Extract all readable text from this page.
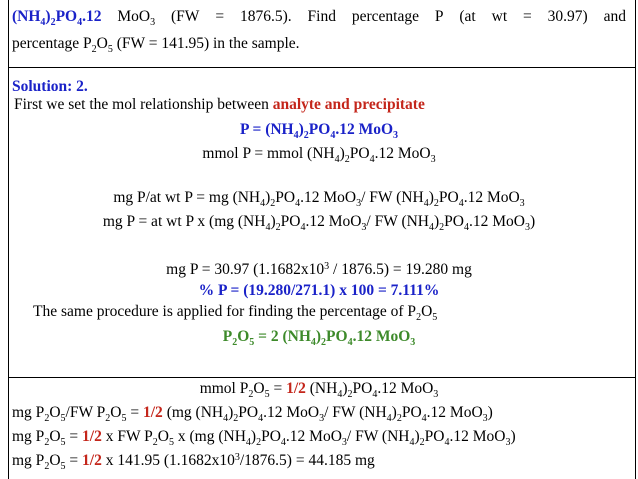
$(NH_4)_2PO_4.12$ MoO$_3$ (FW = 1876.5). Find percentage P (at wt = 30.97) and
percentage $P_2O_5$ (FW = 141.95) in the sample.
Solution: 2.
First we set the mol relationship between analyte and precipitate
$P = (NH_4)_2PO_4.12$ MoO$_3$
mmol P = mmol $(NH_4)_2PO_4.12$ MoO$_3$
mg P/at wt P = mg $(NH_4)_2PO_4.12$ MoO$_3$/ FW $(NH_4)_2PO_4.12$ MoO$_3$
mg P = at wt P x (mg $(NH_4)_2PO_4.12$ MoO$_3$/ FW $(NH_4)_2PO_4.12$ MoO$_3$)
mg P = 30.97 $(1.1682x10^3 / 1876.5) = 19.280$ mg
% P = (19.280/271.1) x 100 = 7.111%
The same procedure is applied for finding the percentage of $P_2O_5$
$P_2O_5 = 2$ $(NH_4)_2PO_4.12$ MoO$_3$
mmol $P_2O_5 = 1/2$ $(NH_4)_2PO_4.12$ MoO$_3$
mg $P_2O_5/FW$ $P_2O_5 = 1/2$ (mg $(NH_4)_2PO_4.12$ MoO$_3$/ FW $(NH_4)_2PO_4.12$ MoO$_3$)
mg $P_2O_5 = 1/2$ x FW $P_2O_5$ x (mg $(NH_4)_2PO_4.12$ MoO$_3$/ FW $(NH_4)_2PO_4.12$ MoO$_3$)
mg $P_2O_5 = 1/2$ x 141.95 $(1.1682x10^3/1876.5) = 44.185$ mg
